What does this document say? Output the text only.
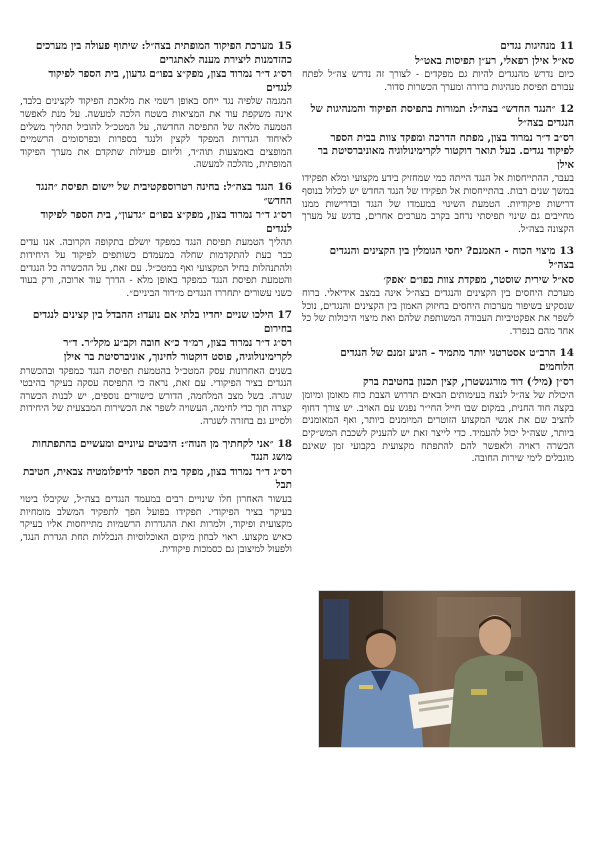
11מנהיגות נגדים

סא״ל אילן רפאלי, רע״ן תפיסות באט״ל

כיום נדרש מהנגדים להיות גם מפקדים - לצורך זה נדרש צה״ל לפתח עבורם תפיסת מנהיגות ברורה ומערך הכשרות סדור.

12״הנגד החדש״ בצה״ל: תמורות בתפיסת הפיקוד והמנהיגות של הנגדים בצה״ל

רס״ב ד״ר נמרוד בצון, מפתח הדרכה ומפקד צוות בבית הספר לפיקוד נגדים. בעל תואר דוקטור לקרימינולוגיה מאוניברסיטת בר אילן

בעבר, ההתייחסות אל הנגד הייתה כמי שמחזיק בידע מקצועי ומלא תפקידו במשך שנים רבות. בהתייחסות אל תפקידו של הנגד החדש יש לכלול בנוסף דרישות פיקודיות. הטמעת השינוי במעמדו של הנגד ובדרישות ממנו מחייבים גם שינוי תפיסתי נרחב בקרב מערכים אחרים, בדגש על מערך הקצונה בצה״ל.

13מיצוי הכוח - האמנם? יחסי הגומלין בין הקצינים והנגדים בצה״ל

סא״ל שירית שוסטר, מפקדת צוות בפו״ם ׳אפק׳

מערכת היחסים בין הקצינים והנגדים בצה״ל אינה במצב אידיאלי. ברוח שנסקיע בשיפור מערכות היחסים בחיזוק האמון בין הקצינים והנגדים, נוכל לשפר את אפקטיביות העבודה המשותפת שלהם ואת מיצוי היכולות של כל אחד מהם בנפרד.

14הרב״ט אסטרטגי יותר מתמיד - הגיע זמנם של הנגדים הלוחמים

רס״ן (מיל׳) דוד מורגנשטרן, קצין תכנון בחטיבת ברק

היכולת של צה״ל לנצח בעימותים הבאים תדרוש הצבת כוח מאומן ומיומן בקצה חוד החנית, במקום שבו חייל החי״ר נפגש עם האויב. יש צורך דחוף להציב שם את אנשי המקצוע הזוטרים המיומנים ביותר, ואף המאומנים ביותר, שצה״ל יכול להעמיד. כדי לייצר זאת יש להעניק לשכבת המש״קים הכשרה ראויה ולאפשר להם להתפתח מקצועית בקבועי זמן שאינם מוגבלים לימי שירות החובה.

15מערכת הפיקוד המופתית בצה״ל: שיתוף פעולה בין מערכים כהזדמנות ליצירת מענה לאתגרים

רס״ג ד״ר נמרוד בצון, מפק״צ בפו״ם גדעון, בית הספר לפיקוד לנגדים

המגמה שלפיה נגד ייחס באופן רשמי את מלאכת הפיקוד לקצינים בלבד, אינה משקפת עוד את המציאות בשטח הלכה למעשה. על מנת לאפשר הטמעה מלאה של התפיסה החדשה, על המטכ״ל להוביל תהליך משלים לאיחוד הגדרות המפקד לקצין ולנגד בספרות ובפרסומים הרשמיים המופצים באמצעות תוה״ד, וליזום פעילות שתקדם את מערך הפיקוד המופתית, מהלכה למעשה.

16הנגד בצה״ל: בחינה רטרוספקטיבית של יישום תפיסת ״הנגד החדש״

רס״ג ד״ר נמרוד בצון, מפק״צ בפו״ם ״גדעון״, בית הספר לפיקוד לנגדים

תהליך הטמעת תפיסת הנגד כמפקד יושלם בתקופה הקרובה. אנו עדים כבר כעת להתקדמות שחלה במעמדם כשותפים לפיקוד על היחידות ולהתנהלות בחיל המקצועי ואף במטכ״ל. עם זאת, על ההכשרה כל הנגדים והטמעת תפיסת הנגד כמפקד באופן מלא - הדרך עוד ארוכה, ורק בעוד כשני עשורים יתחררו הנגדים מ״דור הביניים״.

17הילכו שניים יחדיו בלתי אם נועדו: ההבדל בין קצינים לנגדים בחירום

רס״ג ד״ר נמרוד בצון, רמ״ד כ״א חובה וקב״ע מקל״ר. ד״ר לקרימינולוגיה, פוסט דוקטור לחינוך, אוניברסיטת בר אילן

בשנים האחרונות עסק המטכ״ל בהטמעת תפיסת הנגד כמפקד ובהכשרת הנגדים בציר הפיקודי. עם זאת, נראה כי התפיסה עסקה בעיקר בהיבטי שגרה. בשל מצב המלחמה, הדורש כישורים נוספים, יש לבנות הכשרה קצרה תוך כדי לחימה, העשויה לשפר את הכשירות המבצעית של היחידות ולסייע גם בחזרה לשגרה.

18״אני לקחתיך מן הנוה״: היבטים עיוניים ומעשיים בהתפתחות מושג הנגד

רס״ג ד״ר נמרוד בצון, מפקד בית הספר לדיפלומטיה צבאית, חטיבת תבל

בעשור האחרון חלו שינויים רבים במעמד הנגדים בצה״ל, שקיבלו ביטוי בעיקר בציר הפיקודי. תפקידו בפועל הפך לתפקיד המשלב מומחיות מקצועית ופיקוד, ולמרות זאת ההגדרות הרשמיות מתייחסות אליו בעיקר כאיש מקצוע. ראוי לבחון מיקום האוכלוסיות הנכללות תחת הגדרת הנגד, ולפעול למיצובן גם כסמכות פיקודית.
